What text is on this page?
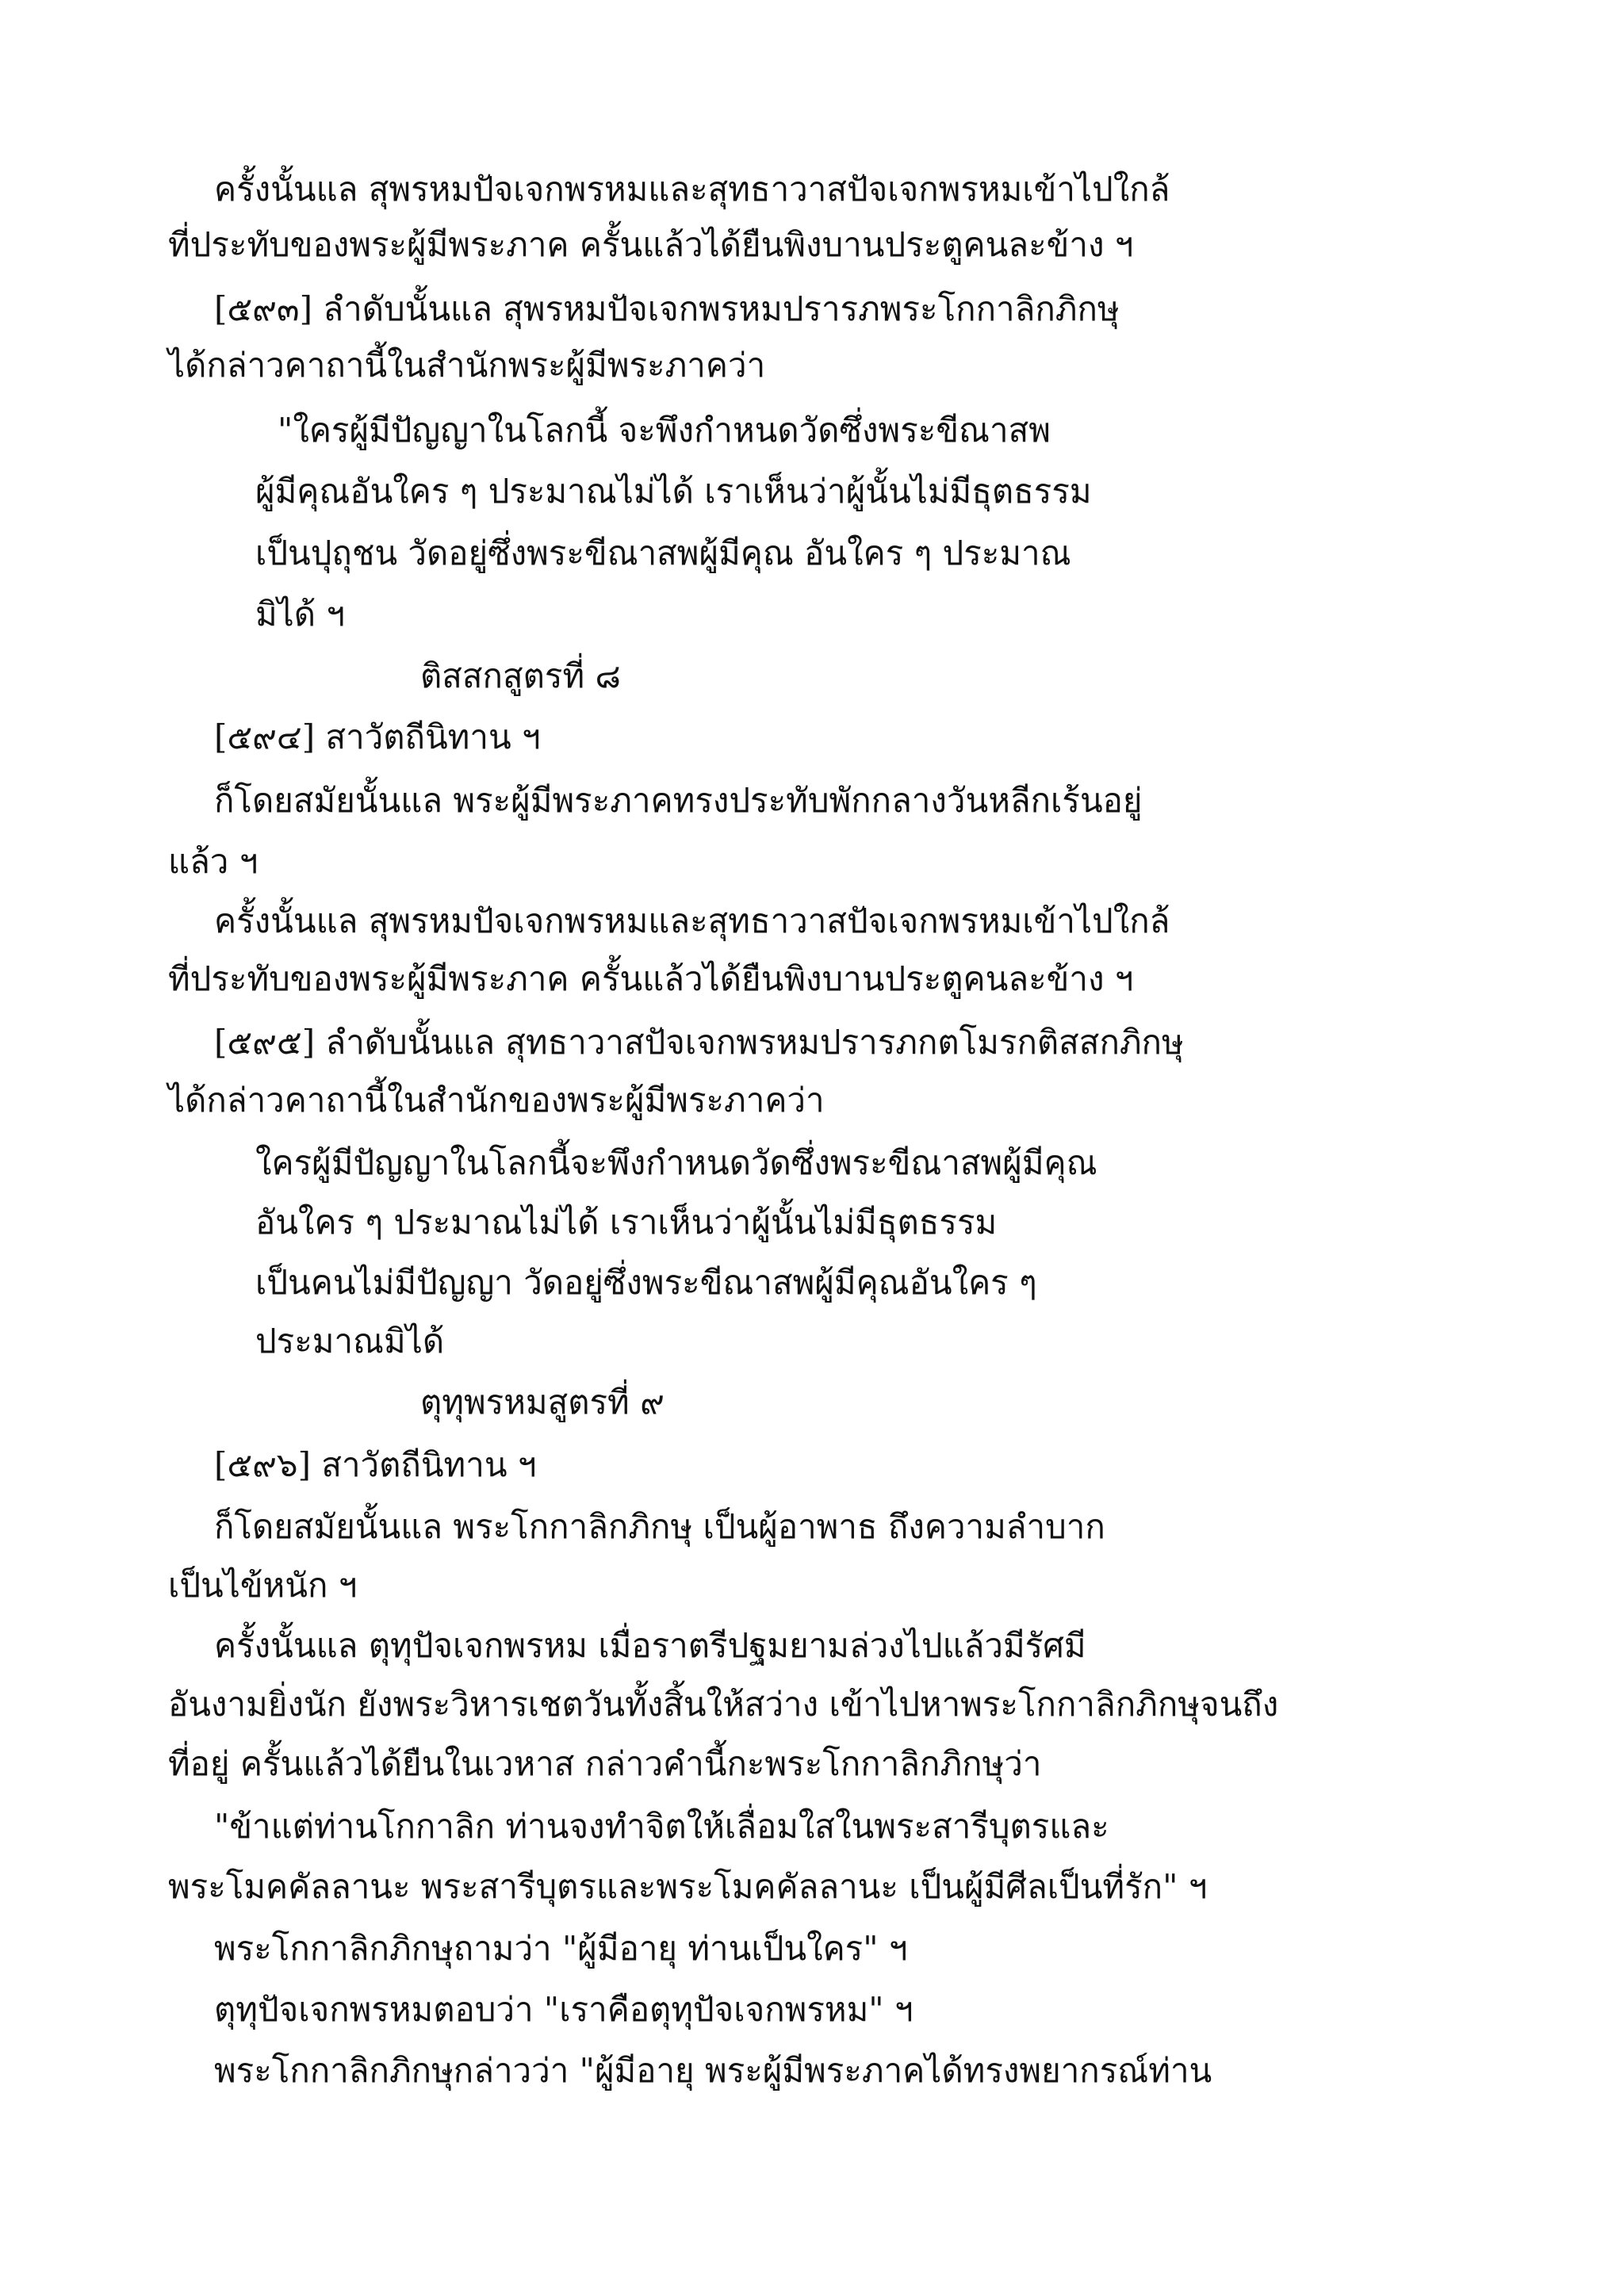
ครั้งนั้นแล สุพรหมปัจเจกพรหมและสุทธาวาสปัจเจกพรหมเข้าไปใกล้
ที่ประทับของพระผู้มีพระภาค ครั้นแล้วได้ยืนพิงบานประตูคนละข้าง ฯ
[๕๙๓] ลำดับนั้นแล สุพรหมปัจเจกพรหมปรารภพระโกกาลิกภิกษุ
ได้กล่าวคาถานี้ในสำนักพระผู้มีพระภาคว่า
"ใครผู้มีปัญญาในโลกนี้ จะพึงกำหนดวัดซึ่งพระขีณาสพ
ผู้มีคุณอันใคร ๆ ประมาณไม่ได้ เราเห็นว่าผู้นั้นไม่มีธุตธรรม
เป็นปุถุชน วัดอยู่ซึ่งพระขีณาสพผู้มีคุณ อันใคร ๆ ประมาณ
มิได้ ฯ
ติสสกสูตรที่ ๘
[๕๙๔] สาวัตถีนิทาน ฯ
ก็โดยสมัยนั้นแล พระผู้มีพระภาคทรงประทับพักกลางวันหลีกเร้นอยู่
แล้ว ฯ
ครั้งนั้นแล สุพรหมปัจเจกพรหมและสุทธาวาสปัจเจกพรหมเข้าไปใกล้
ที่ประทับของพระผู้มีพระภาค ครั้นแล้วได้ยืนพิงบานประตูคนละข้าง ฯ
[๕๙๕] ลำดับนั้นแล สุทธาวาสปัจเจกพรหมปรารภกตโมรกติสสกภิกษุ
ได้กล่าวคาถานี้ในสำนักของพระผู้มีพระภาคว่า
ใครผู้มีปัญญาในโลกนี้จะพึงกำหนดวัดซึ่งพระขีณาสพผู้มีคุณ
อันใคร ๆ ประมาณไม่ได้ เราเห็นว่าผู้นั้นไม่มีธุตธรรม
เป็นคนไม่มีปัญญา วัดอยู่ซึ่งพระขีณาสพผู้มีคุณอันใคร ๆ
ประมาณมิได้
ตุทุพรหมสูตรที่ ๙
[๕๙๖] สาวัตถีนิทาน ฯ
ก็โดยสมัยนั้นแล พระโกกาลิกภิกษุ เป็นผู้อาพาธ ถึงความลำบาก
เป็นไข้หนัก ฯ
ครั้งนั้นแล ตุทุปัจเจกพรหม เมื่อราตรีปฐมยามล่วงไปแล้วมีรัศมี
อันงามยิ่งนัก ยังพระวิหารเชตวันทั้งสิ้นให้สว่าง เข้าไปหาพระโกกาลิกภิกษุจนถึง
ที่อยู่ ครั้นแล้วได้ยืนในเวหาส กล่าวคำนี้กะพระโกกาลิกภิกษุว่า
"ข้าแต่ท่านโกกาลิก ท่านจงทำจิตให้เลื่อมใสในพระสารีบุตรและ
พระโมคคัลลานะ พระสารีบุตรและพระโมคคัลลานะ เป็นผู้มีศีลเป็นที่รัก" ฯ
พระโกกาลิกภิกษุถามว่า "ผู้มีอายุ ท่านเป็นใคร" ฯ
ตุทุปัจเจกพรหมตอบว่า "เราคือตุทุปัจเจกพรหม" ฯ
พระโกกาลิกภิกษุกล่าวว่า "ผู้มีอายุ พระผู้มีพระภาคได้ทรงพยากรณ์ท่าน
